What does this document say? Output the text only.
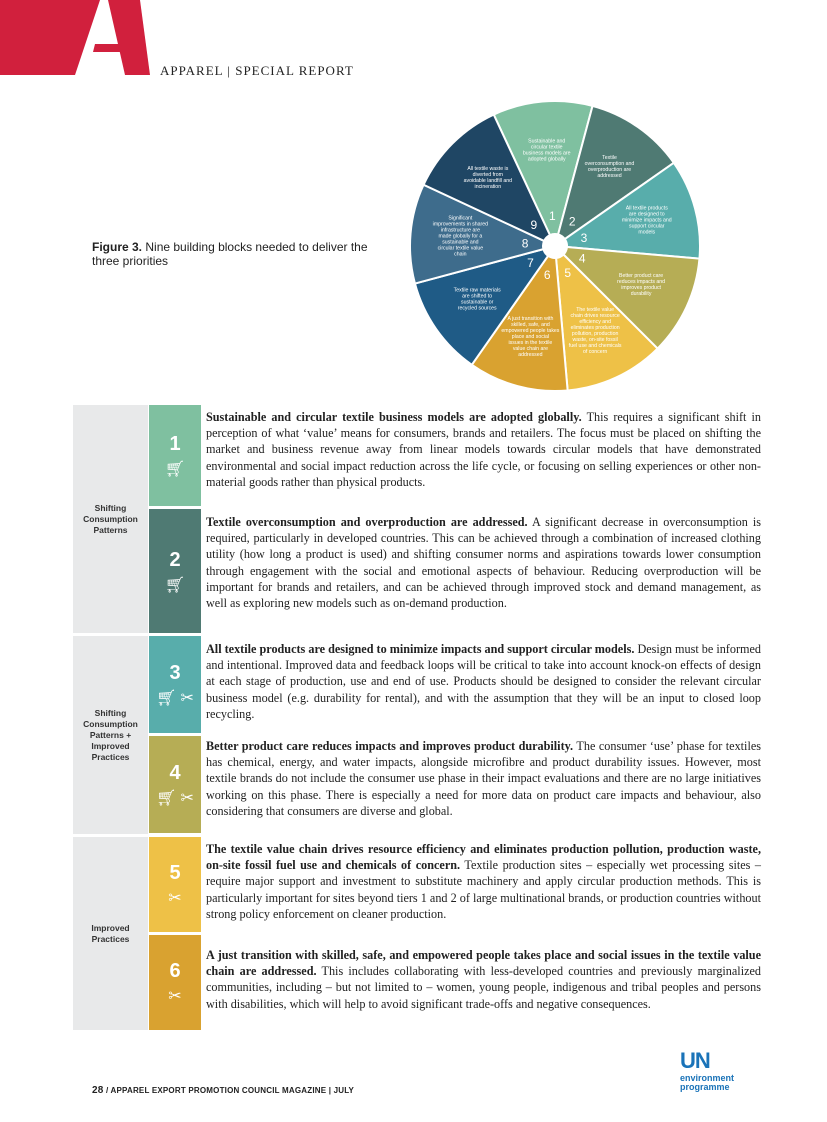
APPAREL | SPECIAL REPORT
Figure 3. Nine building blocks needed to deliver the three priorities
1
Sustainable and circular textile business models are adopted globally
2
Textile overconsumption and overproduction are addressed
3
All textile products are designed to minimize impacts and support circular models
4
Better product care reduces impacts and improves product durability
5
The textile value chain drives resource efficiency and eliminates production pollution, production waste, on-site fossil fuel use and chemicals of concern
6
A just transition with skilled, safe, and empowered people takes place and social issues in the textile value chain are addressed
7
Textile raw materials are shifted to sustainable or recycled sources
8
Significant improvements in shared infrastructure are made globally for a sustainable and circular textile value chain
9
All textile waste is diverted from avoidable landfill and incineration
Shifting Consumption Patterns
Shifting Consumption Patterns + Improved Practices
Improved Practices
1
🛒︎
Sustainable and circular textile business models are adopted globally. This requires a significant shift in perception of what ‘value’ means for consumers, brands and retailers. The focus must be placed on shifting the market and business revenue away from linear models towards circular models that have demonstrated environmental and social impact reduction across the life cycle, or focusing on selling experiences or other non-material goods rather than physical products.
2
🛒︎
Textile overconsumption and overproduction are addressed. A significant decrease in overconsumption is required, particularly in developed countries. This can be achieved through a combination of increased clothing utility (how long a product is used) and shifting consumer norms and aspirations towards lower consumption through engagement with the social and emotional aspects of behaviour. Reducing overproduction will be important for brands and retailers, and can be achieved through improved stock and demand management, as well as exploring new models such as on-demand production.
3
🛒︎ ✂︎
All textile products are designed to minimize impacts and support circular models. Design must be informed and intentional. Improved data and feedback loops will be critical to take into account knock-on effects of design at each stage of production, use and end of use. Products should be designed to consider the relevant circular business model (e.g. durability for rental), and with the assumption that they will be an input to closed loop recycling.
4
🛒︎ ✂︎
Better product care reduces impacts and improves product durability. The consumer ‘use’ phase for textiles has chemical, energy, and water impacts, alongside microfibre and product durability issues. However, most textile brands do not include the consumer use phase in their impact evaluations and there are no large initiatives working on this phase. There is especially a need for more data on product care impacts and behaviour, also considering that consumers are diverse and global.
5
✂︎
The textile value chain drives resource efficiency and eliminates production pollution, production waste, on-site fossil fuel use and chemicals of concern. Textile production sites – especially wet processing sites – require major support and investment to substitute machinery and apply circular production methods. This is particularly important for sites beyond tiers 1 and 2 of large multinational brands, or production countries without strong policy enforcement on cleaner production.
6
✂︎
A just transition with skilled, safe, and empowered people takes place and social issues in the textile value chain are addressed. This includes collaborating with less-developed countries and previously marginalized communities, including – but not limited to – women, young people, indigenous and tribal peoples and persons with disabilities, which will help to avoid significant trade-offs and negative consequences.
28 / APPAREL EXPORT PROMOTION COUNCIL MAGAZINE | JULY
UN
environment
programme
